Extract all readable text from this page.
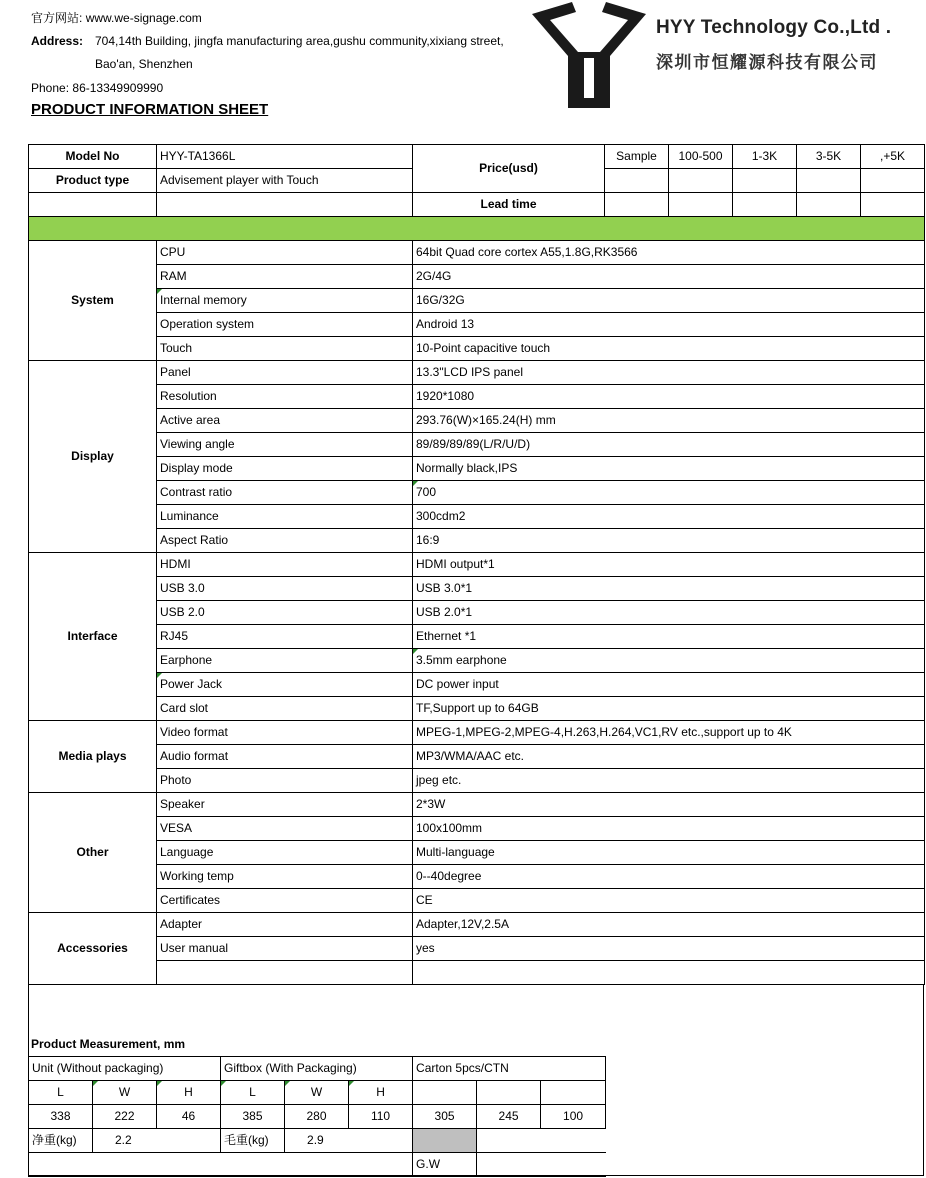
官方网站: www.we-signage.com
Address: 704,14th Building, jingfa manufacturing area,gushu community,xixiang street,
Bao'an, Shenzhen
Phone: 86-13349909990
PRODUCT INFORMATION SHEET
HYY Technology Co.,Ltd .
深圳市恒耀源科技有限公司
Model No	HYY-TA1366L	Price(usd)	Sample	100-500	1-3K	3-5K	,+5K
Product type	Advisement player with Touch						
		Lead time					

System	CPU	64bit Quad core cortex A55,1.8G,RK3566					
	RAM	2G/4G					
	Internal memory	16G/32G					
	Operation system	Android 13					
	Touch	10-Point capacitive touch					
Display	Panel	13.3"LCD IPS panel					
	Resolution	1920*1080					
	Active area	293.76(W)×165.24(H) mm					
	Viewing angle	89/89/89/89(L/R/U/D)					
	Display mode	Normally black,IPS					
	Contrast ratio	700					
	Luminance	300cdm2					
	Aspect Ratio	16:9					
Interface	HDMI	HDMI output*1					
	USB 3.0	USB 3.0*1					
	USB 2.0	USB 2.0*1					
	RJ45	Ethernet *1					
	Earphone	3.5mm earphone					
	Power Jack	DC power input					
	Card slot	TF,Support up to 64GB					
Media plays	Video format	MPEG-1,MPEG-2,MPEG-4,H.263,H.264,VC1,RV etc.,support up to 4K					
	Audio format	MP3/WMA/AAC etc.					
	Photo	jpeg etc.					
Other	Speaker	2*3W					
	VESA	100x100mm					
	Language	Multi-language					
	Working temp	0--40degree					
	Certificates	CE					
Accessories	Adapter	Adapter,12V,2.5A					
	User manual	yes					

Product Measurement, mm
Unit (Without packaging)			Giftbox (With Packaging)			Carton 5pcs/CTN		
L	W	H	L	W	H			
338	222	46	385	280	110	305	245	100
净重(kg)	2.2		毛重(kg)	2.9				
						G.W		
